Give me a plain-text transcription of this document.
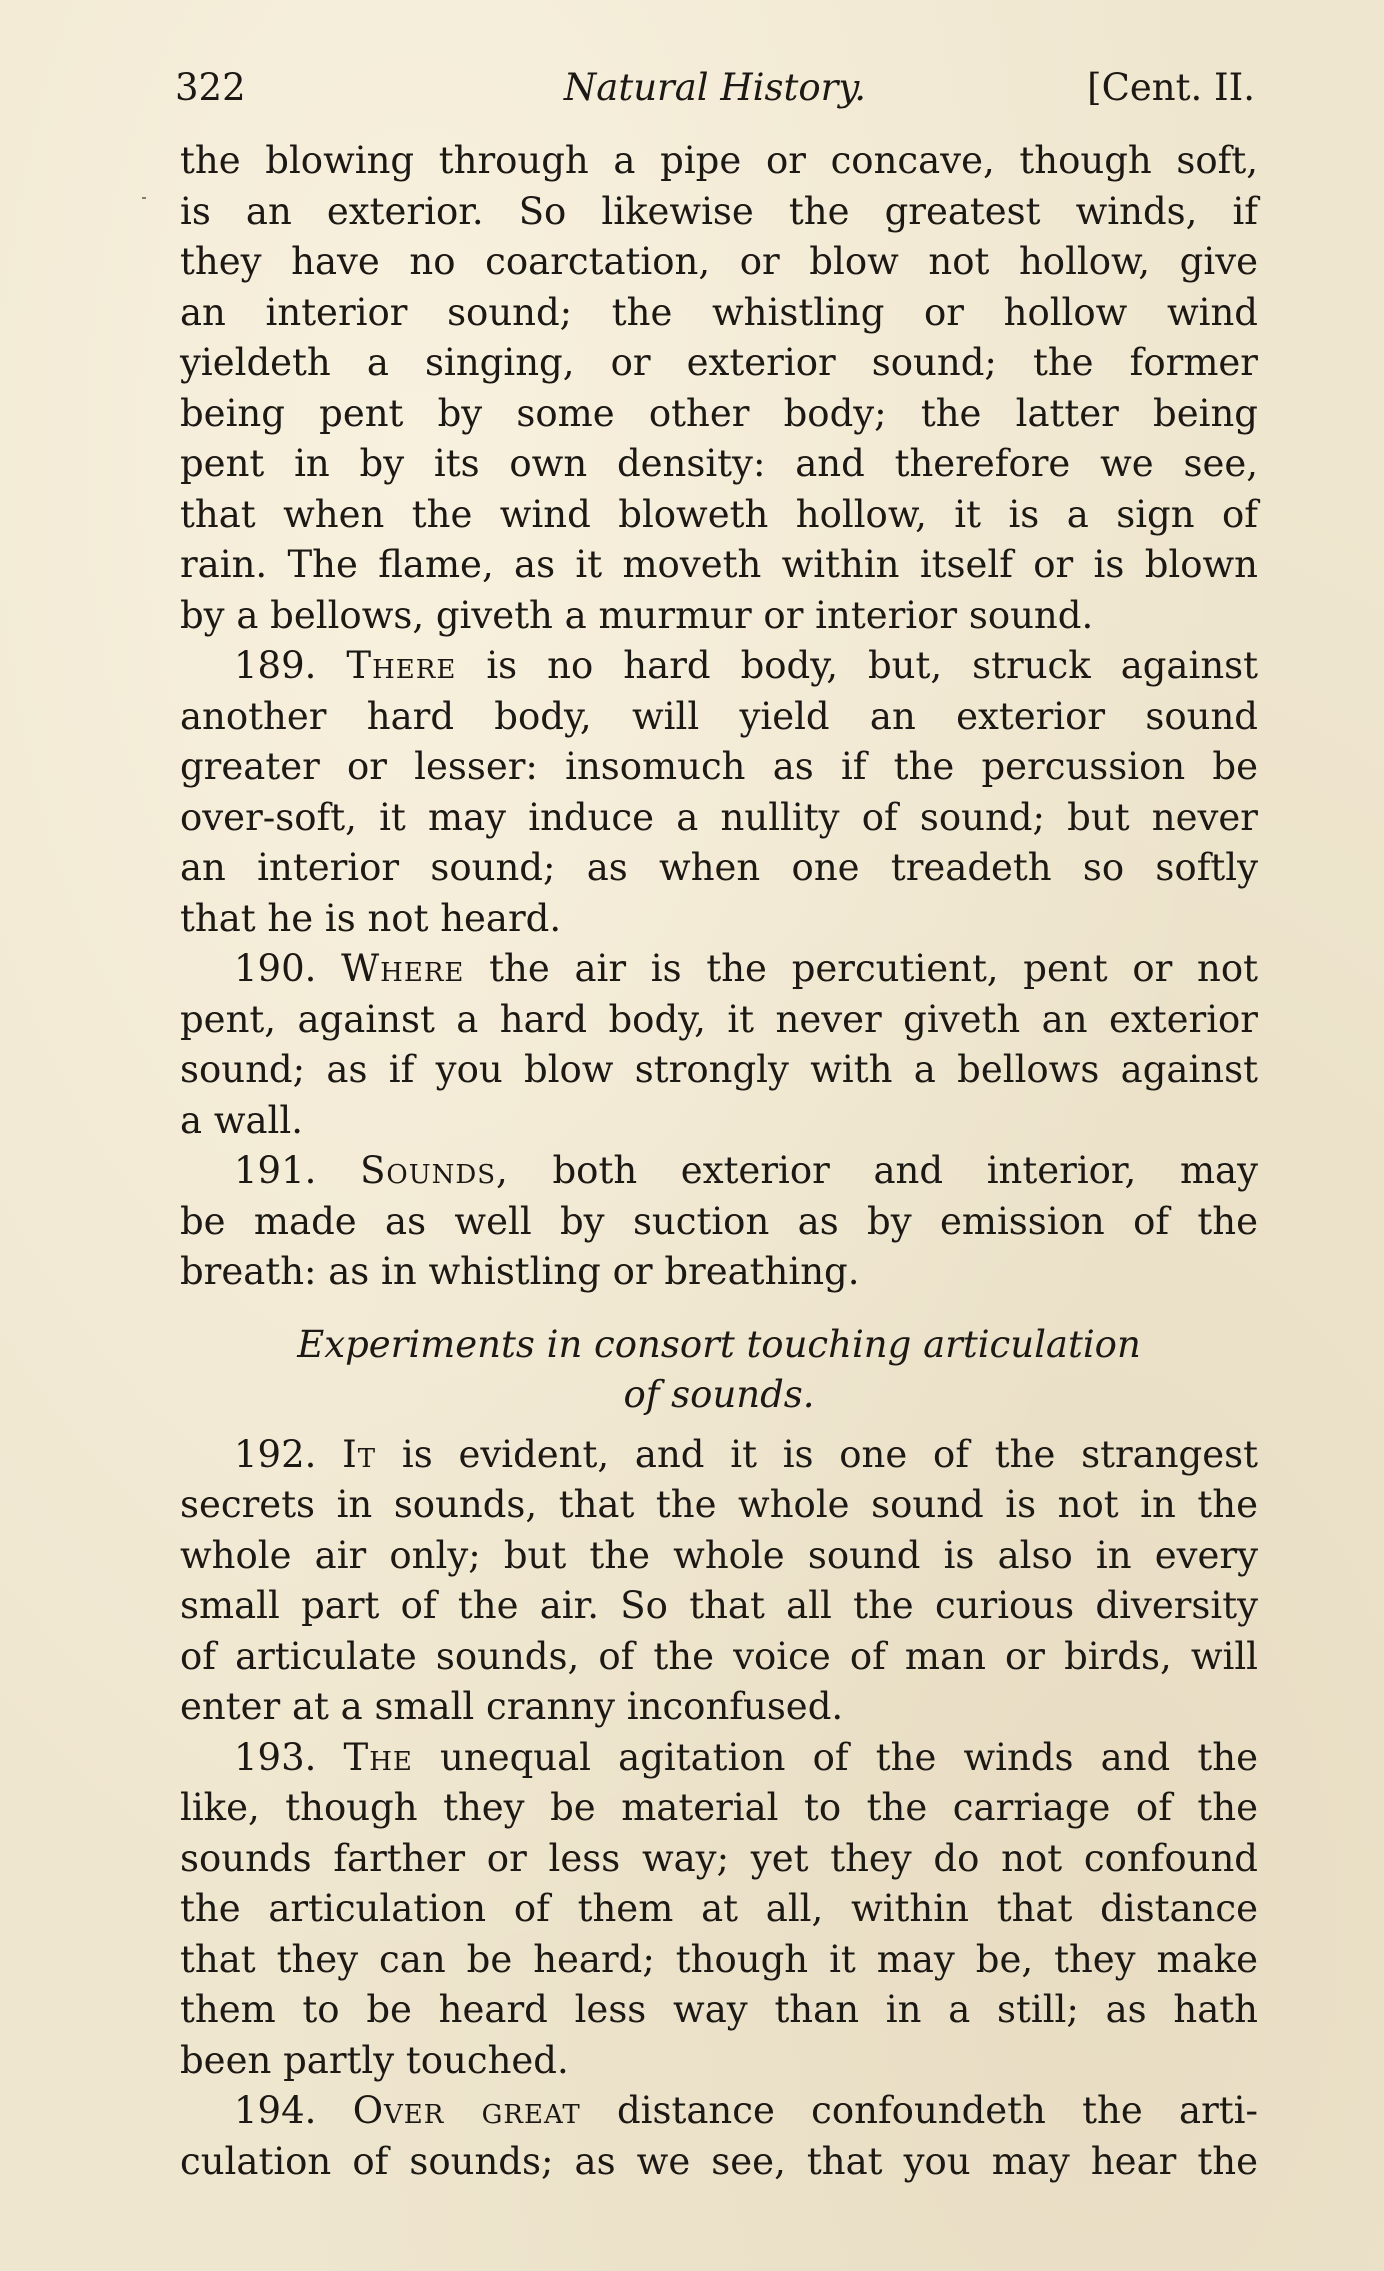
322	Natural History.	[Cent. II.
the blowing through a pipe or concave, though soft,
is an exterior. So likewise the greatest winds, if
they have no coarctation, or blow not hollow, give
an interior sound; the whistling or hollow wind
yieldeth a singing, or exterior sound; the former
being pent by some other body; the latter being
pent in by its own density: and therefore we see,
that when the wind bloweth hollow, it is a sign of
rain. The flame, as it moveth within itself or is blown
by a bellows, giveth a murmur or interior sound.
189. There is no hard body, but, struck against
another hard body, will yield an exterior sound
greater or lesser: insomuch as if the percussion be
over-soft, it may induce a nullity of sound; but never
an interior sound; as when one treadeth so softly
that he is not heard.
190. Where the air is the percutient, pent or not
pent, against a hard body, it never giveth an exterior
sound; as if you blow strongly with a bellows against
a wall.
191. Sounds, both exterior and interior, may
be made as well by suction as by emission of the
breath: as in whistling or breathing.
Experiments in consort touching articulation
of sounds.
192. It is evident, and it is one of the strangest
secrets in sounds, that the whole sound is not in the
whole air only; but the whole sound is also in every
small part of the air. So that all the curious diversity
of articulate sounds, of the voice of man or birds, will
enter at a small cranny inconfused.
193. The unequal agitation of the winds and the
like, though they be material to the carriage of the
sounds farther or less way; yet they do not confound
the articulation of them at all, within that distance
that they can be heard; though it may be, they make
them to be heard less way than in a still; as hath
been partly touched.
194. Over great distance confoundeth the arti-
culation of sounds; as we see, that you may hear the
